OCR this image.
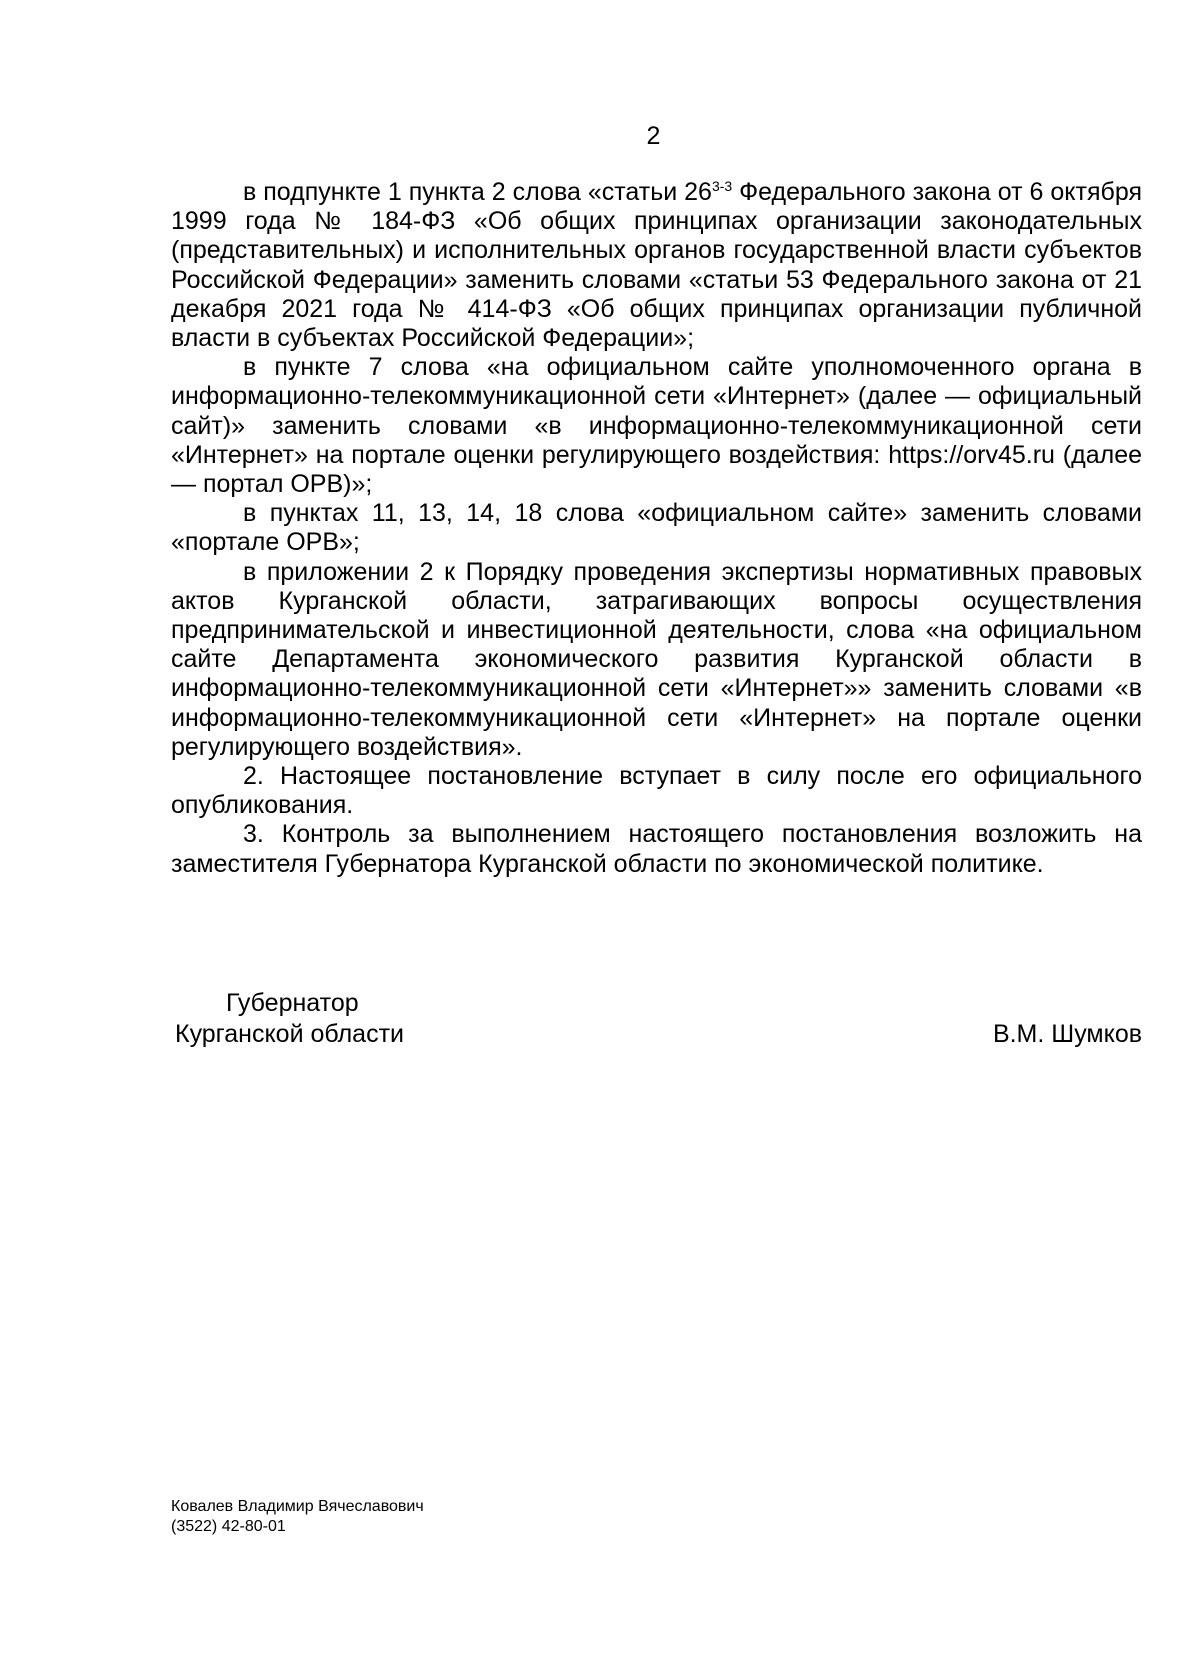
2

в подпункте 1 пункта 2 слова «статьи 26$^{3-3}$ Федерального закона от 6 октября 1999 года № 184-ФЗ «Об общих принципах организации законодательных (представительных) и исполнительных органов государственной власти субъектов Российской Федерации» заменить словами «статьи 53 Федерального закона от 21 декабря 2021 года № 414-ФЗ «Об общих принципах организации публичной власти в субъектах Российской Федерации»;

в пункте 7 слова «на официальном сайте уполномоченного органа в информационно-телекоммуникационной сети «Интернет» (далее — официальный сайт)» заменить словами «в информационно-телекоммуникационной сети «Интернет» на портале оценки регулирующего воздействия: https://orv45.ru (далее — портал ОРВ)»;

в пунктах 11, 13, 14, 18 слова «официальном сайте» заменить словами «портале ОРВ»;

в приложении 2 к Порядку проведения экспертизы нормативных правовых актов Курганской области, затрагивающих вопросы осуществления предпринимательской и инвестиционной деятельности, слова «на официальном сайте Департамента экономического развития Курганской области в информационно-телекоммуникационной сети «Интернет»» заменить словами «в информационно-телекоммуникационной сети «Интернет» на портале оценки регулирующего воздействия».

2. Настоящее постановление вступает в силу после его официального опубликования.

3. Контроль за выполнением настоящего постановления возложить на заместителя Губернатора Курганской области по экономической политике.

Губернатор
Курганской области	В.М. Шумков
Ковалев Владимир Вячеславович
(3522) 42-80-01
